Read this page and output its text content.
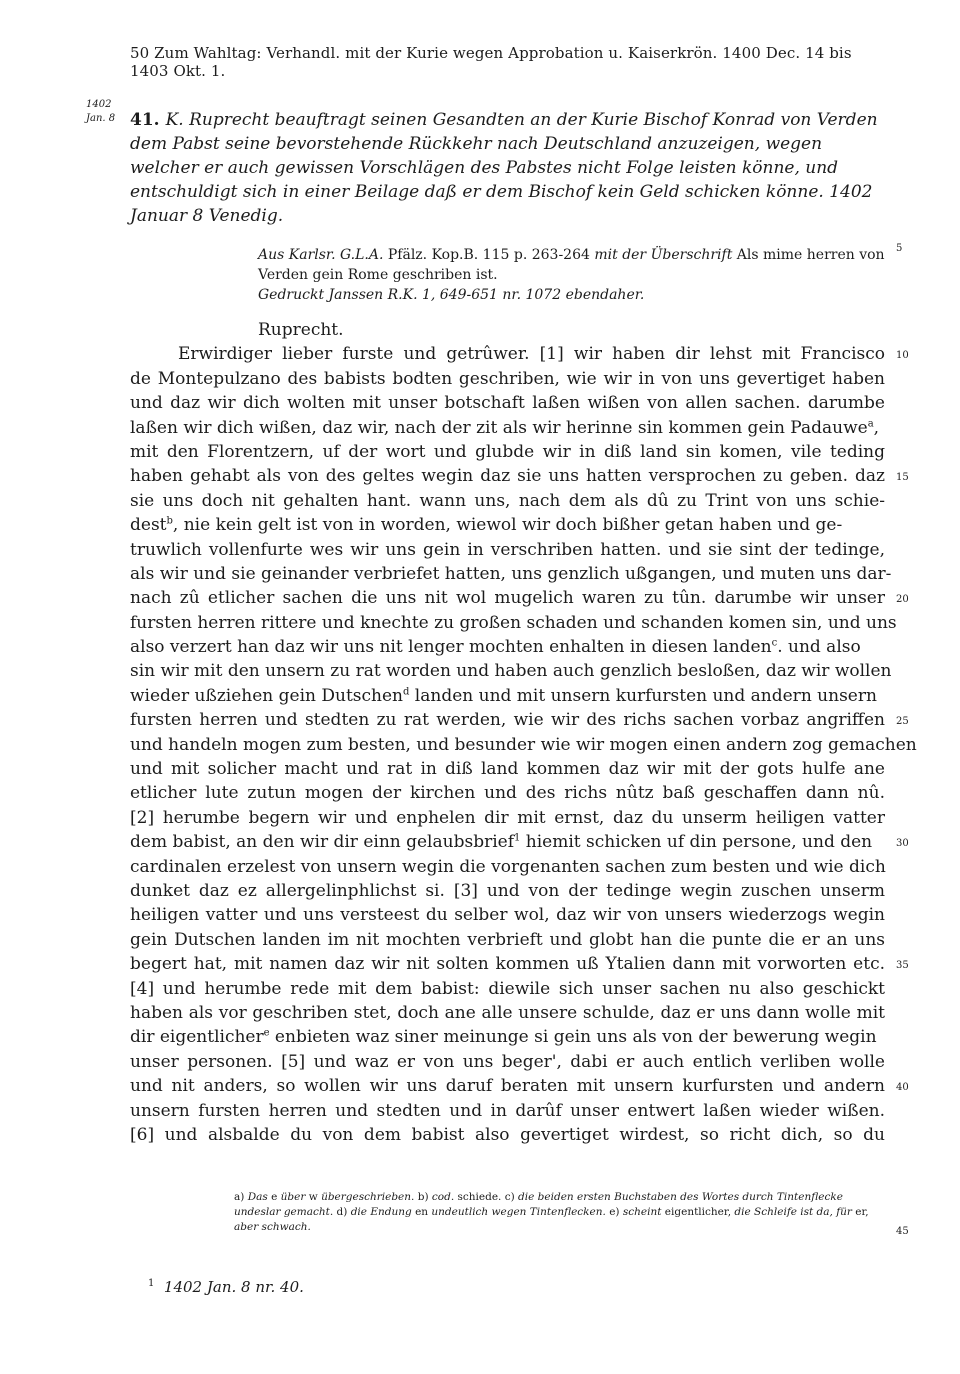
50 Zum Wahltag: Verhandl. mit der Kurie wegen Approbation u. Kaiserkrön. 1400 Dec. 14 bis 1403 Okt. 1.
1402
Jan. 8 41. K. Ruprecht beauftragt seinen Gesandten an der Kurie Bischof Konrad von Verden dem Pabst seine bevorstehende Rückkehr nach Deutschland anzuzeigen, wegen welcher er auch gewissen Vorschlägen des Pabstes nicht Folge leisten könne, und entschuldigt sich in einer Beilage daß er dem Bischof kein Geld schicken könne. 1402 Januar 8 Venedig.
Aus Karlsr. G.L.A. Pfälz. Kop.B. 115 p. 263-264 mit der Überschrift Als mime herren von Verden gein Rome geschriben ist.
Gedruckt Janssen R.K. 1, 649-651 nr. 1072 ebendaher.
Ruprecht.
Erwirdiger lieber furste und getrûwer. [1] wir haben dir lehst mit Francisco
de Montepulzano des babists bodten geschriben, wie wir in von uns gevertiget haben
und daz wir dich wolten mit unser botschaft laßen wißen von allen sachen. darumbe
laßen wir dich wißen, daz wir, nach der zit als wir herinne sin kommen gein Padauwe$^a$,
mit den Florentzern, uf der wort und glubde wir in diß land sin komen, vile teding
haben gehabt als von des geltes wegin daz sie uns hatten versprochen zu geben. daz
sie uns doch nit gehalten hant. wann uns, nach dem als dû zu Trint von uns schie-
dest$^b$, nie kein gelt ist von in worden, wiewol wir doch bißher getan haben und ge-
truwlich vollenfurte wes wir uns gein in verschriben hatten. und sie sint der tedinge,
als wir und sie geinander verbriefet hatten, uns genzlich ußgangen, und muten uns dar-
nach zû etlicher sachen die uns nit wol mugelich waren zu tûn. darumbe wir unser
fursten herren rittere und knechte zu großen schaden und schanden komen sin, und uns
also verzert han daz wir uns nit lenger mochten enhalten in diesen landen$^c$. und also
sin wir mit den unsern zu rat worden und haben auch genzlich besloßen, daz wir wollen
wieder ußziehen gein Dutschen$^d$ landen und mit unsern kurfursten und andern unsern
fursten herren und stedten zu rat werden, wie wir des richs sachen vorbaz angriffen
und handeln mogen zum besten, und besunder wie wir mogen einen andern zog gemachen
und mit solicher macht und rat in diß land kommen daz wir mit der gots hulfe ane
etlicher lute zutun mogen der kirchen und des richs nûtz baß geschaffen dann nû.
[2] herumbe begern wir und enphelen dir mit ernst, daz du unserm heiligen vatter
dem babist, an den wir dir einn gelaubsbrief$^1$ hiemit schicken uf din persone, und den
cardinalen erzelest von unsern wegin die vorgenanten sachen zum besten und wie dich
dunket daz ez allergelinphlichst si. [3] und von der tedinge wegin zuschen unserm
heiligen vatter und uns versteest du selber wol, daz wir von unsers wiederzogs wegin
gein Dutschen landen im nit mochten verbrieft und globt han die punte die er an uns
begert hat, mit namen daz wir nit solten kommen uß Ytalien dann mit vorworten etc.
[4] und herumbe rede mit dem babist: diewile sich unser sachen nu also geschickt
haben als vor geschriben stet, doch ane alle unsere schulde, daz er uns dann wolle mit
dir eigentlicher$^e$ enbieten waz siner meinunge si gein uns als von der bewerung wegin
unser personen. [5] und waz er von uns beger', dabi er auch entlich verliben wolle
und nit anders, so wollen wir uns daruf beraten mit unsern kurfursten und andern
unsern fursten herren und stedten und in darûf unser entwert laßen wieder wißen.
[6] und alsbalde du von dem babist also gevertiget wirdest, so richt dich, so du
5
10
15
20
25
30
35
40
45
a) Das e über w übergeschrieben. b) cod. schiede. c) die beiden ersten Buchstaben des Wortes durch Tintenflecke undeslar gemacht. d) die Endung en undeutlich wegen Tintenflecken. e) scheint eigentlicher, die Schleife ist da, für er, aber schwach.
$^1$ 1402 Jan. 8 nr. 40.
